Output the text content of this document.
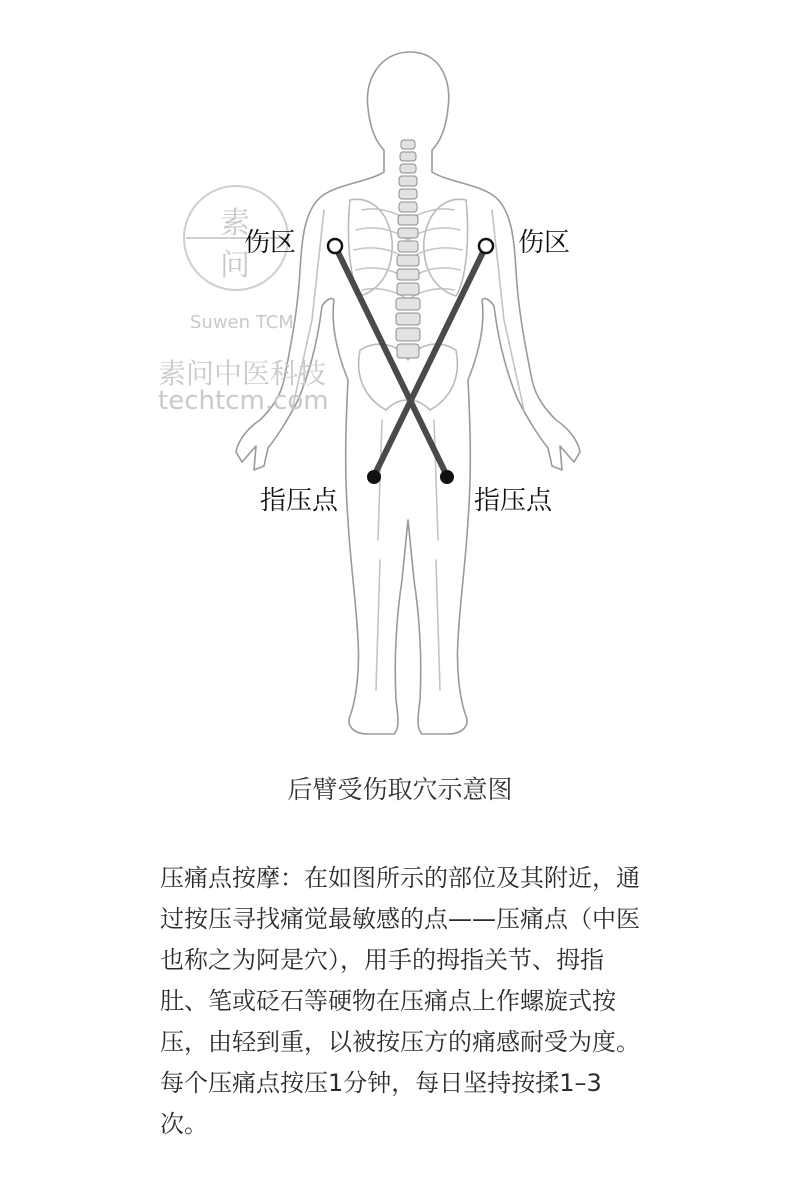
素
问
Suwen TCM
素问中医科技
techtcm.com
伤区	伤区
指压点	指压点
后臂受伤取穴示意图

压痛点按摩：在如图所示的部位及其附近，通过按压寻找痛觉最敏感的点——压痛点（中医也称之为阿是穴），用手的拇指关节、拇指肚、笔或砭石等硬物在压痛点上作螺旋式按压，由轻到重，以被按压方的痛感耐受为度。每个压痛点按压1分钟，每日坚持按揉1–3次。
